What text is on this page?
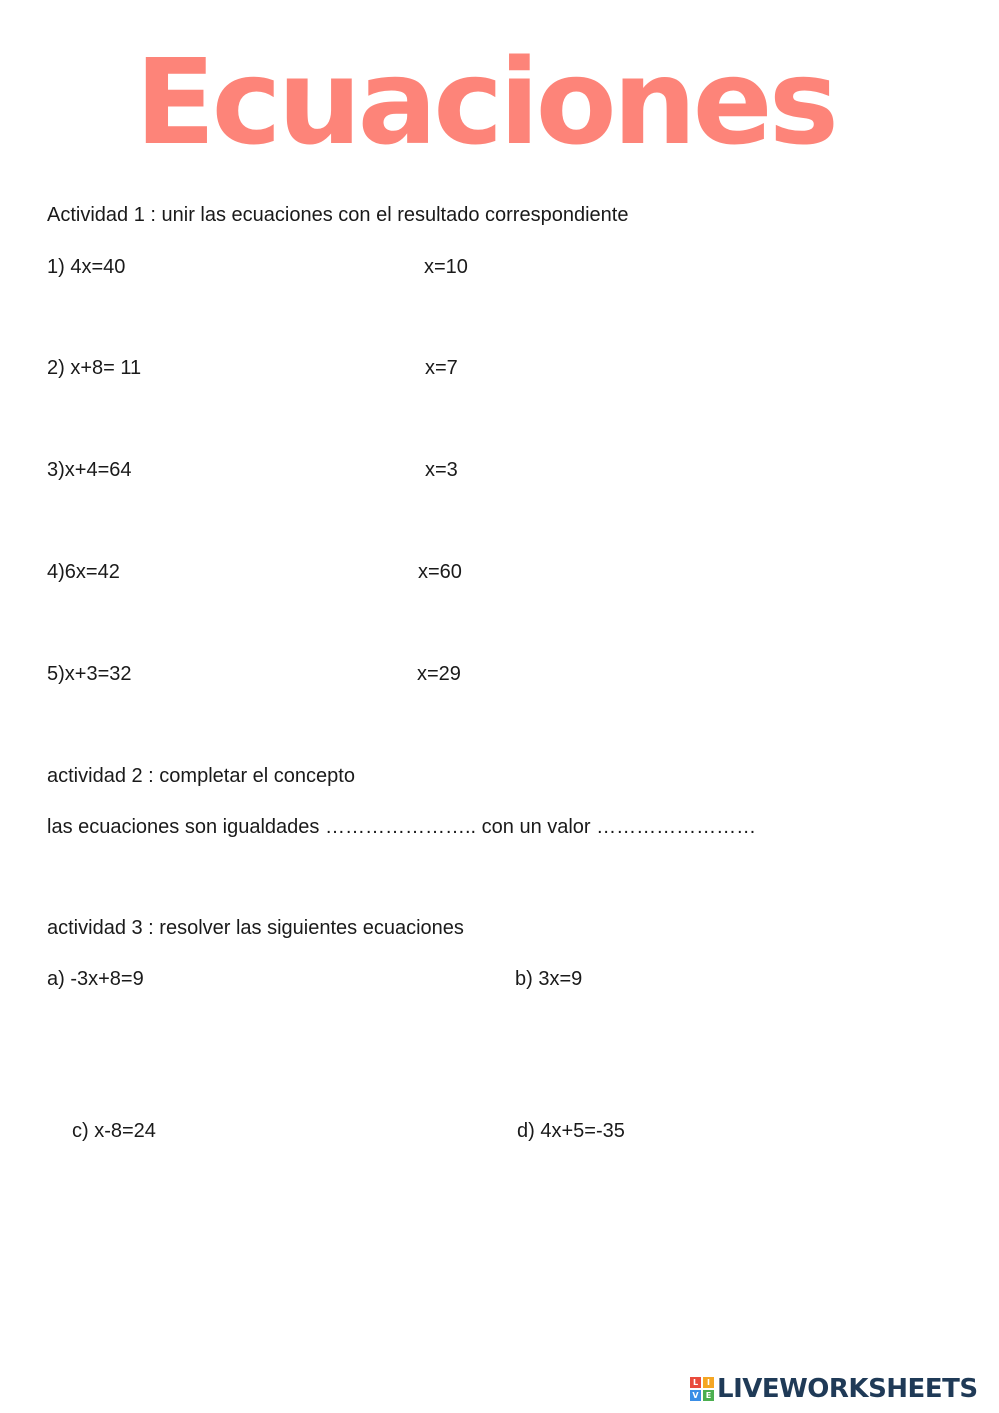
Ecuaciones
Actividad 1 : unir las ecuaciones con el resultado correspondiente
1) 4x=40	x=10
2) x+8= 11	x=7
3)x+4=64	x=3
4)6x=42	x=60
5)x+3=32	x=29
actividad 2 : completar el concepto
las ecuaciones son igualdades ………………….. con un valor ……………………
actividad 3 : resolver las siguientes ecuaciones
a) -3x+8=9	b) 3x=9
c) x-8=24	d) 4x+5=-35
L	I
V E LIVEWORKSHEETS
